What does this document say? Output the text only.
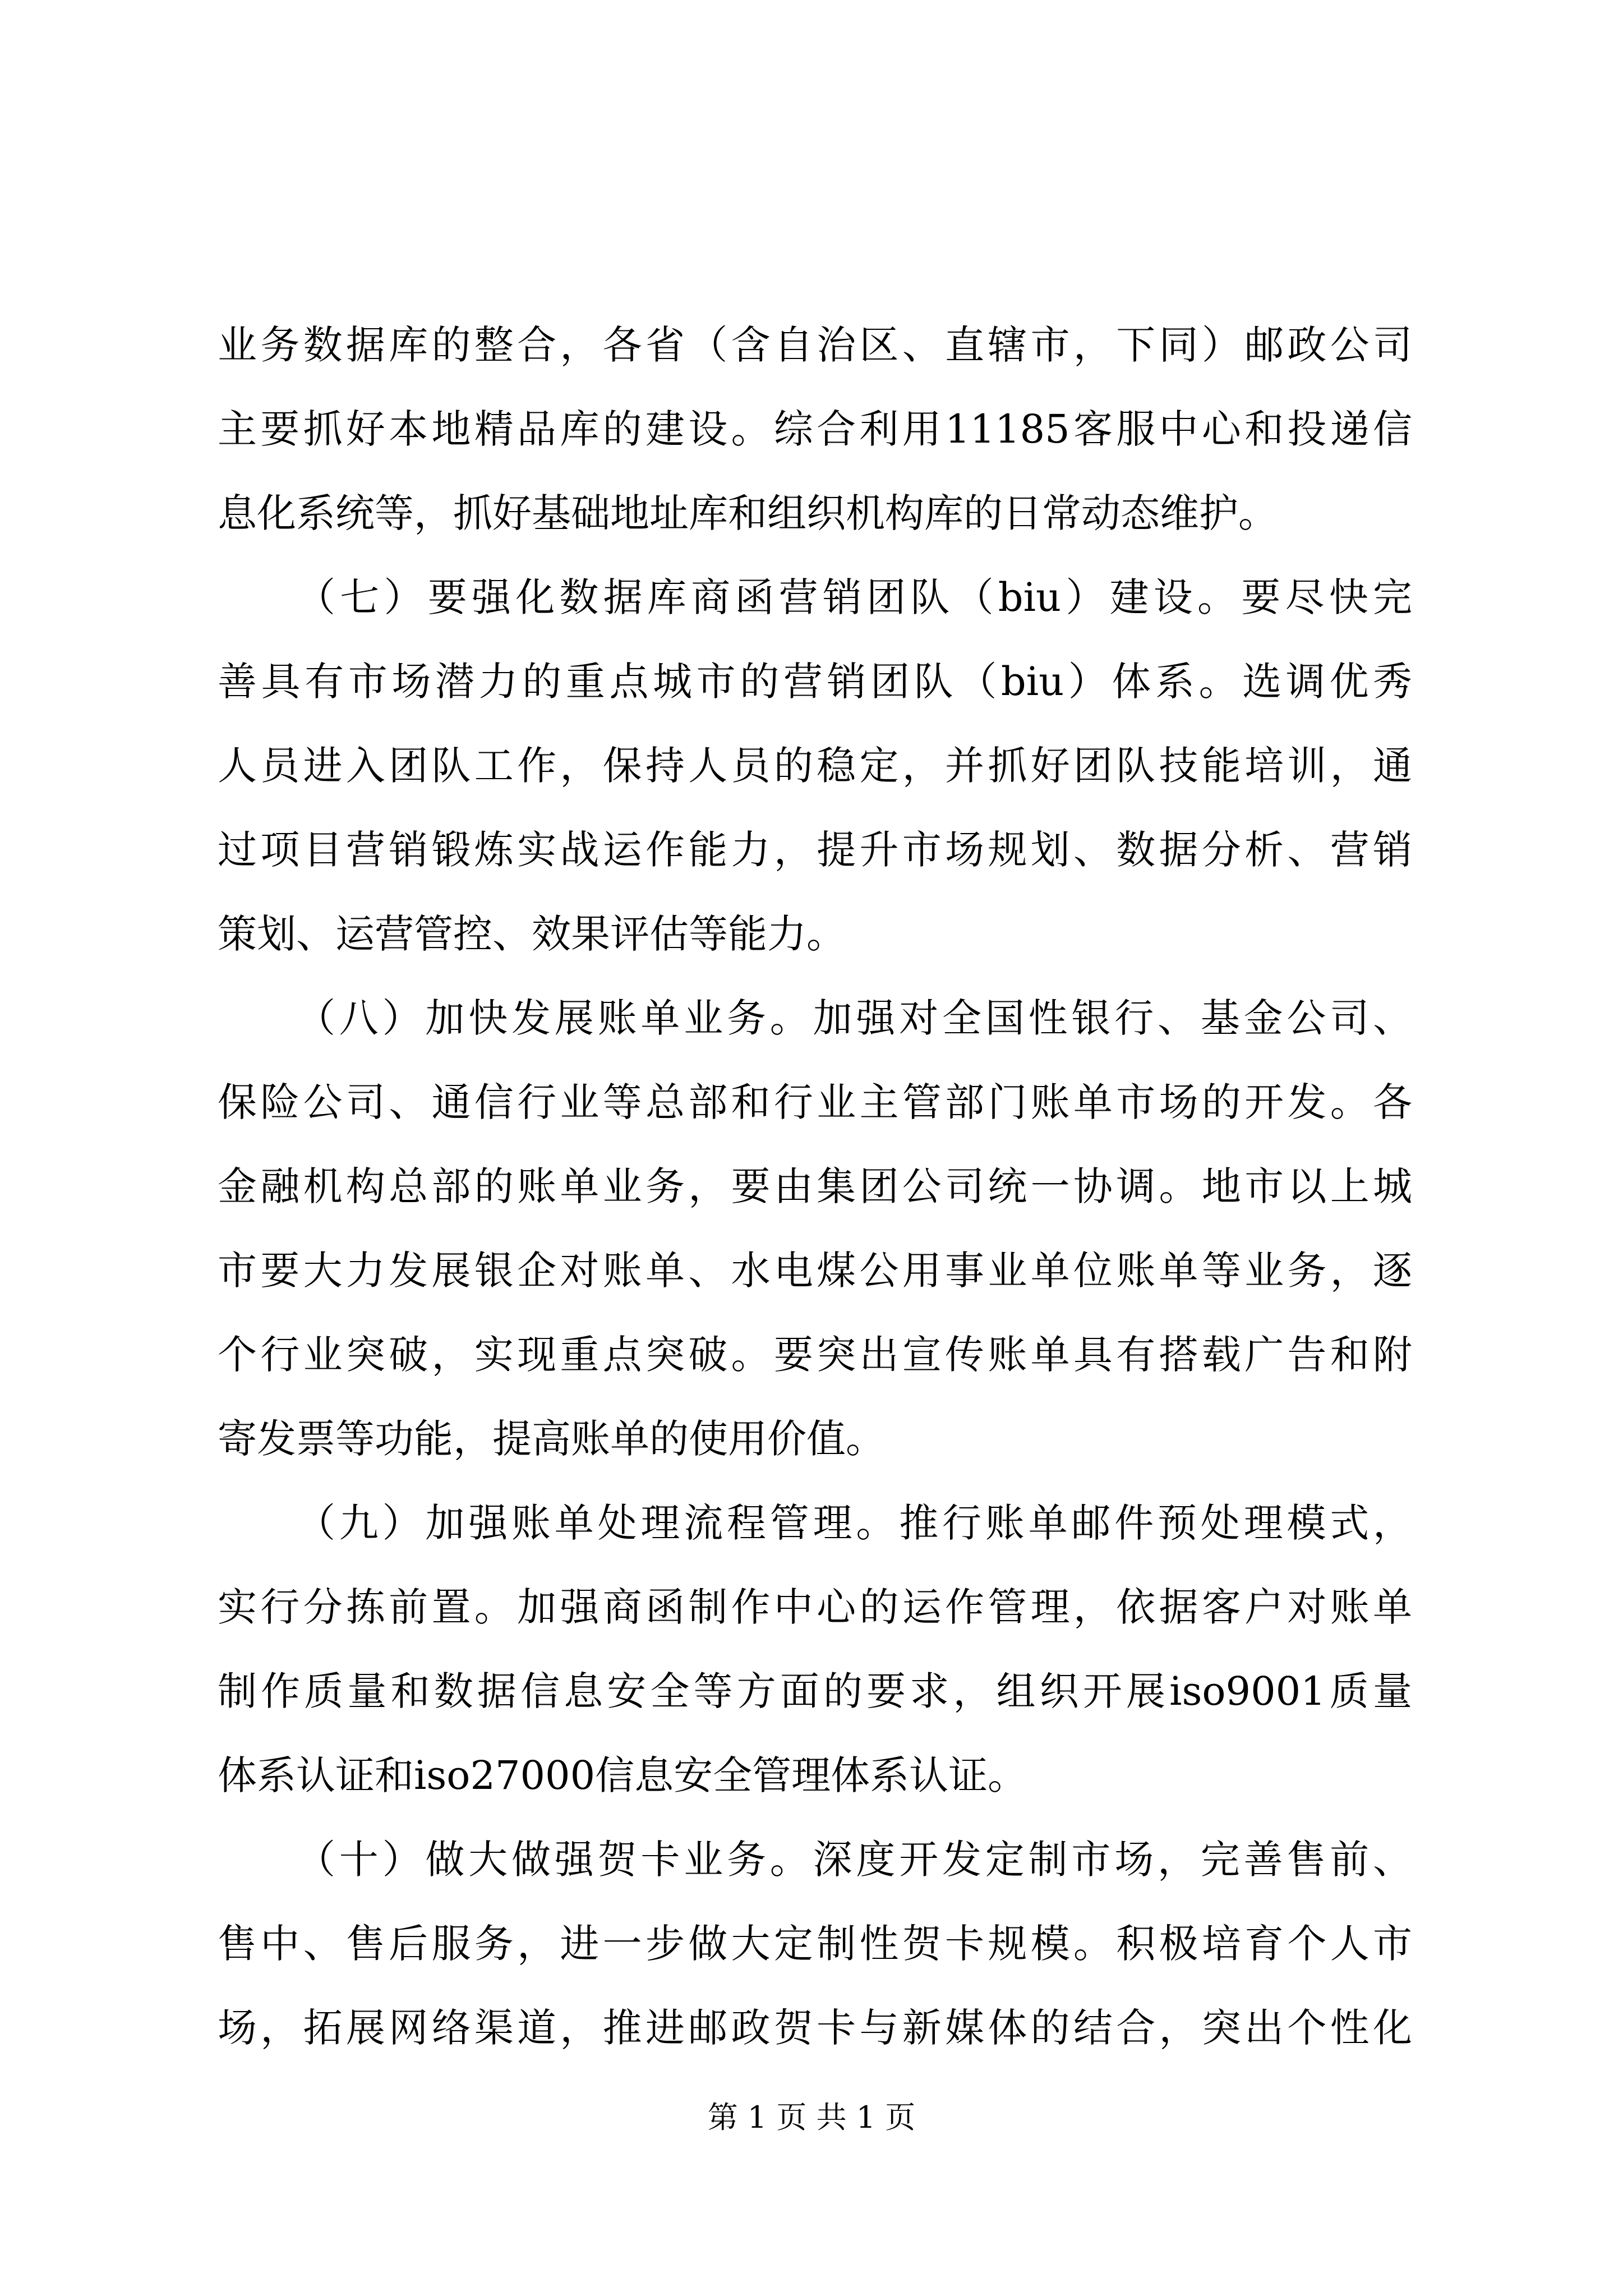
业务数据库的整合，各省（含自治区、直辖市，下同）邮政公司
主要抓好本地精品库的建设。综合利用11185客服中心和投递信
息化系统等，抓好基础地址库和组织机构库的日常动态维护。
（七）要强化数据库商函营销团队（biu）建设。要尽快完
善具有市场潜力的重点城市的营销团队（biu）体系。选调优秀
人员进入团队工作，保持人员的稳定，并抓好团队技能培训，通
过项目营销锻炼实战运作能力，提升市场规划、数据分析、营销
策划、运营管控、效果评估等能力。
（八）加快发展账单业务。加强对全国性银行、基金公司、
保险公司、通信行业等总部和行业主管部门账单市场的开发。各
金融机构总部的账单业务，要由集团公司统一协调。地市以上城
市要大力发展银企对账单、水电煤公用事业单位账单等业务，逐
个行业突破，实现重点突破。要突出宣传账单具有搭载广告和附
寄发票等功能，提高账单的使用价值。
（九）加强账单处理流程管理。推行账单邮件预处理模式，
实行分拣前置。加强商函制作中心的运作管理，依据客户对账单
制作质量和数据信息安全等方面的要求，组织开展iso9001质量
体系认证和iso27000信息安全管理体系认证。
（十）做大做强贺卡业务。深度开发定制市场，完善售前、
售中、售后服务，进一步做大定制性贺卡规模。积极培育个人市
场，拓展网络渠道，推进邮政贺卡与新媒体的结合，突出个性化
第 1 页 共 1 页
